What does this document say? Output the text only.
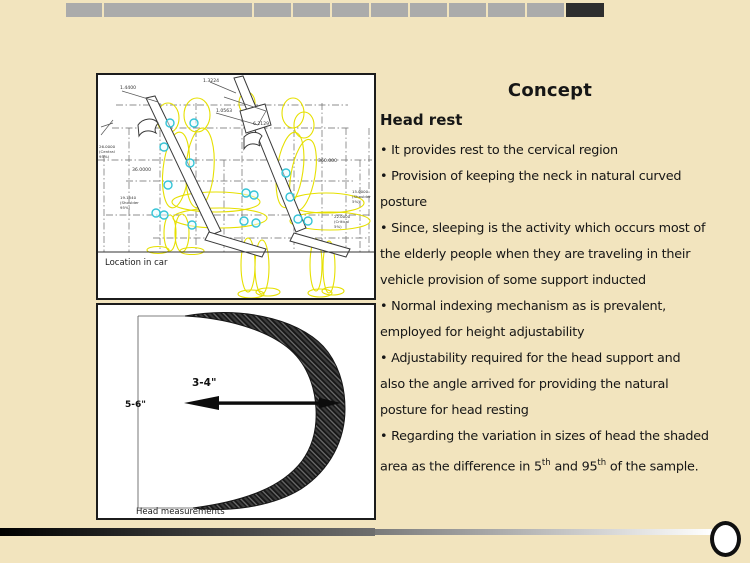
1.4400
1.3224
1.0563
6.2129
26.0000
(Central
95%)
36.0000
19.1540
(Shoulder
95%)
360.000
15.0000
(Shoulder
5%)
22.0000
(Critical
5%)
Location in car
5-6"
3-4"
Head measurements
Concept
Head rest
• It provides rest to the cervical region
• Provision of keeping the neck in natural curved
posture
• Since, sleeping is the activity which occurs most of
the elderly people when they are traveling in their
vehicle provision of some support inducted
• Normal indexing mechanism as is prevalent,
employed for height adjustability
• Adjustability required for the head support and
also the angle arrived for providing the natural
posture for head resting
• Regarding the variation in sizes of head the shaded
area as the difference in 5th and 95th of the sample.
